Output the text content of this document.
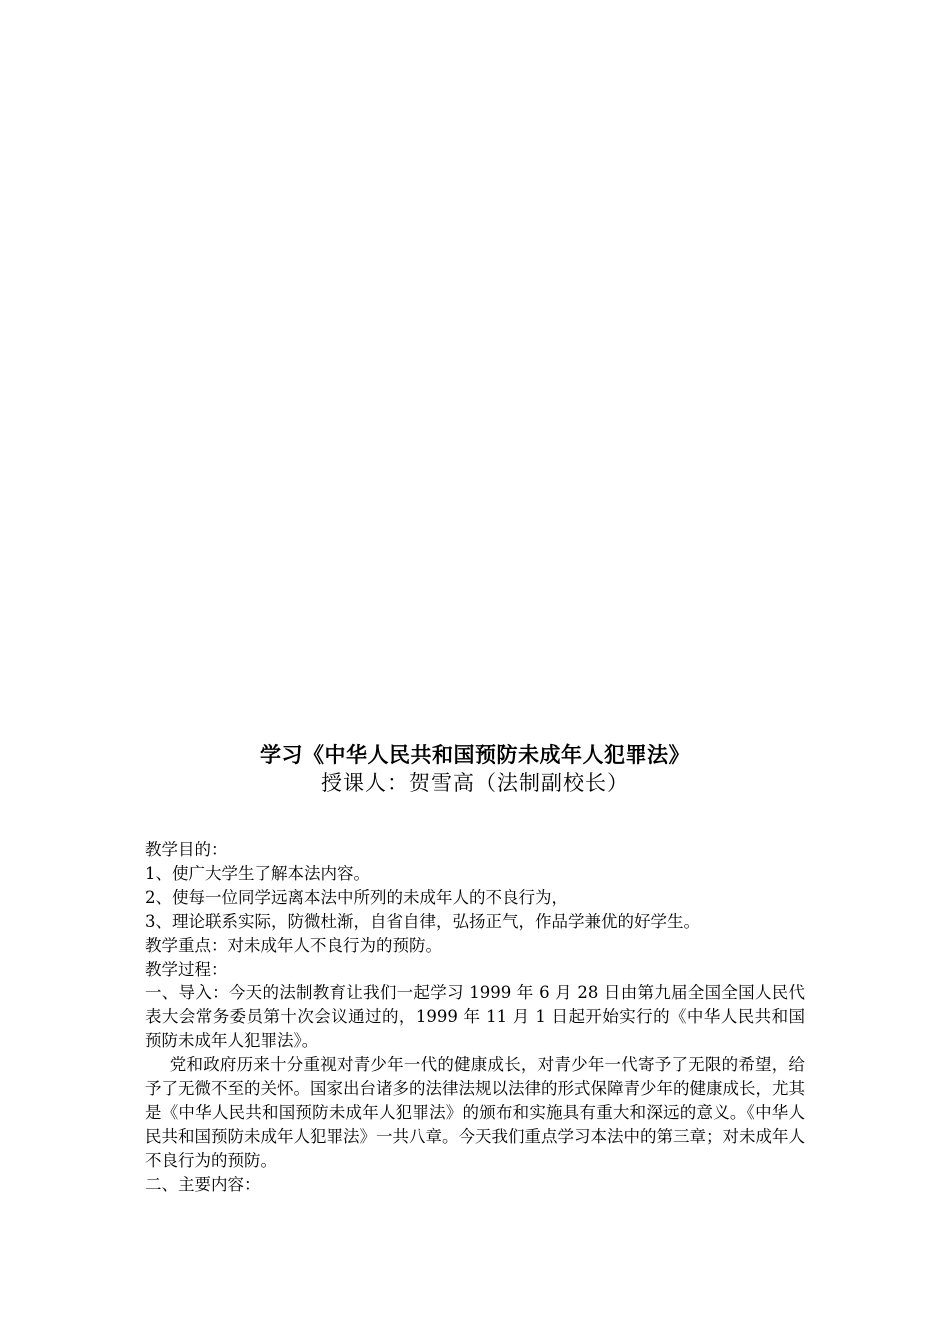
学习《中华人民共和国预防未成年人犯罪法》
授课人：贺雪高（法制副校长）

教学目的：

1、使广大学生了解本法内容。

2、使每一位同学远离本法中所列的未成年人的不良行为，

3、理论联系实际，防微杜渐，自省自律，弘扬正气，作品学兼优的好学生。

教学重点：对未成年人不良行为的预防。

教学过程：

一、导入：今天的法制教育让我们一起学习 1999 年 6 月 28 日由第九届全国全国人民代表大会常务委员第十次会议通过的，1999 年 11 月 1 日起开始实行的《中华人民共和国预防未成年人犯罪法》。

党和政府历来十分重视对青少年一代的健康成长，对青少年一代寄予了无限的希望，给予了无微不至的关怀。国家出台诸多的法律法规以法律的形式保障青少年的健康成长，尤其是《中华人民共和国预防未成年人犯罪法》的颁布和实施具有重大和深远的意义。《中华人民共和国预防未成年人犯罪法》一共八章。今天我们重点学习本法中的第三章；对未成年人不良行为的预防。

二、主要内容：
